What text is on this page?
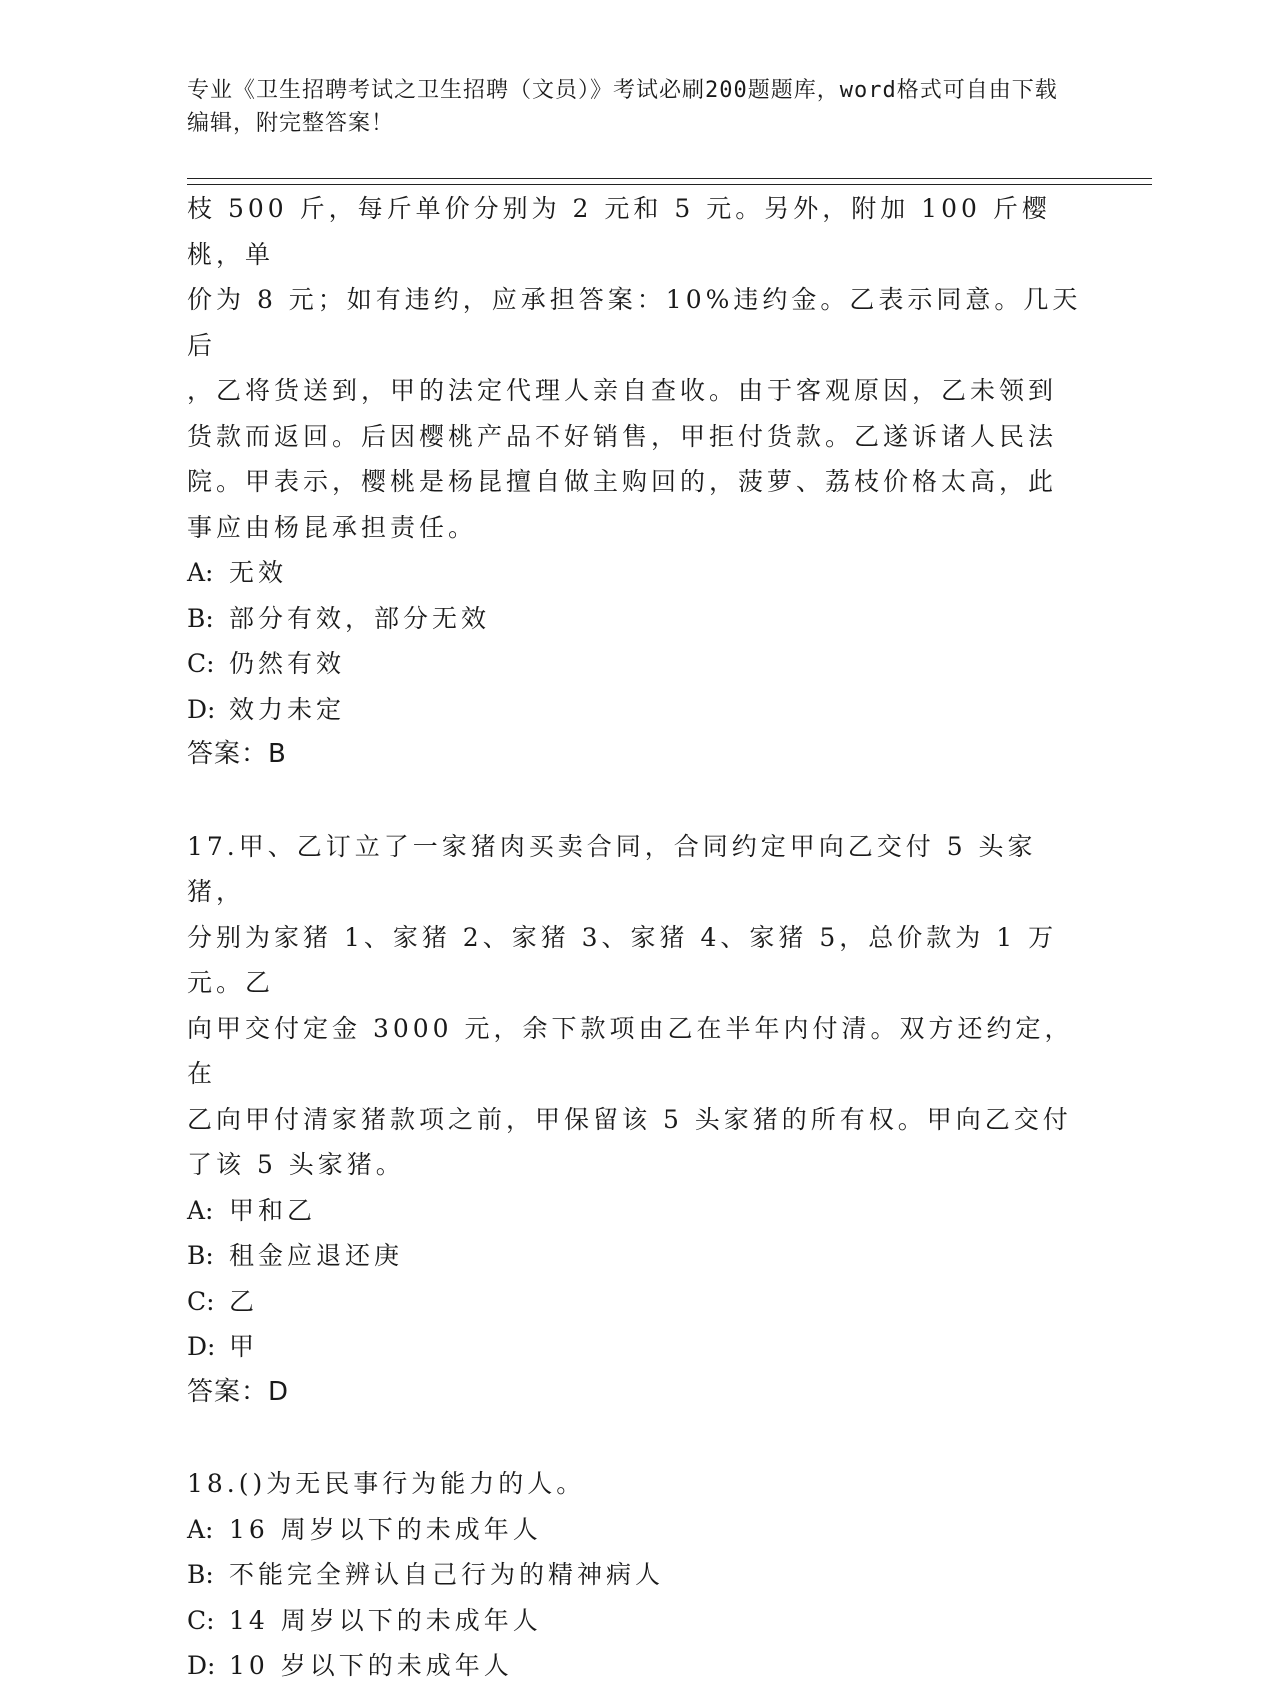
专业《卫生招聘考试之卫生招聘（文员）》考试必刷200题题库，word格式可自由下载编辑，附完整答案！

枝 500 斤，每斤单价分别为 2 元和 5 元。另外，附加 100 斤樱桃，单

价为 8 元；如有违约，应承担答案：10%违约金。乙表示同意。几天后

，乙将货送到，甲的法定代理人亲自查收。由于客观原因，乙未领到

货款而返回。后因樱桃产品不好销售，甲拒付货款。乙遂诉诸人民法

院。甲表示，樱桃是杨昆擅自做主购回的，菠萝、荔枝价格太高，此

事应由杨昆承担责任。

A: 无效

B: 部分有效，部分无效

C: 仍然有效

D: 效力未定

答案：B

17.甲、乙订立了一家猪肉买卖合同，合同约定甲向乙交付 5 头家猪，

分别为家猪 1、家猪 2、家猪 3、家猪 4、家猪 5，总价款为 1 万元。乙

向甲交付定金 3000 元，余下款项由乙在半年内付清。双方还约定，在

乙向甲付清家猪款项之前，甲保留该 5 头家猪的所有权。甲向乙交付

了该 5 头家猪。

A: 甲和乙

B: 租金应退还庚

C: 乙

D: 甲

答案：D

18.()为无民事行为能力的人。

A: 16 周岁以下的未成年人

B: 不能完全辨认自己行为的精神病人

C: 14 周岁以下的未成年人

D: 10 岁以下的未成年人
